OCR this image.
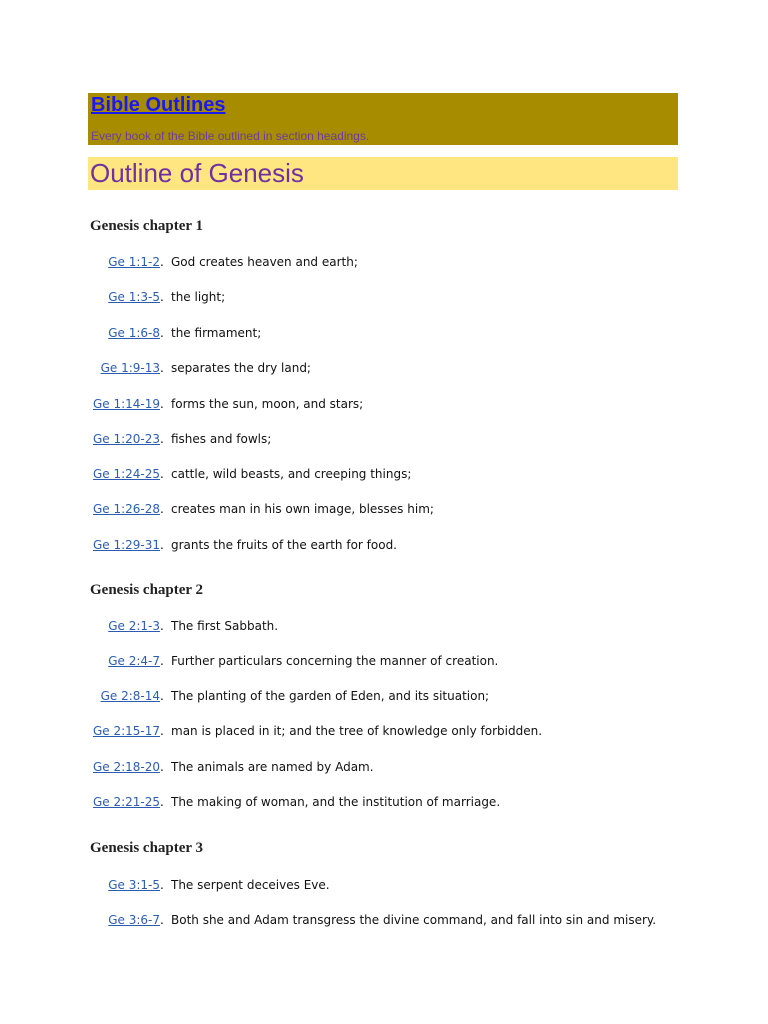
Bible Outlines
Every book of the Bible outlined in section headings.
Outline of Genesis
Genesis chapter 1
Ge 1:1-2 . God creates heaven and earth;
Ge 1:3-5 . the light;
Ge 1:6-8 . the firmament;
Ge 1:9-13 . separates the dry land;
Ge 1:14-19 . forms the sun, moon, and stars;
Ge 1:20-23 . fishes and fowls;
Ge 1:24-25 . cattle, wild beasts, and creeping things;
Ge 1:26-28 . creates man in his own image, blesses him;
Ge 1:29-31 . grants the fruits of the earth for food.
Genesis chapter 2
Ge 2:1-3 . The first Sabbath.
Ge 2:4-7 . Further particulars concerning the manner of creation.
Ge 2:8-14 . The planting of the garden of Eden, and its situation;
Ge 2:15-17 . man is placed in it; and the tree of knowledge only forbidden.
Ge 2:18-20 . The animals are named by Adam.
Ge 2:21-25 . The making of woman, and the institution of marriage.
Genesis chapter 3
Ge 3:1-5 . The serpent deceives Eve.
Ge 3:6-7 . Both she and Adam transgress the divine command, and fall into sin and misery.
